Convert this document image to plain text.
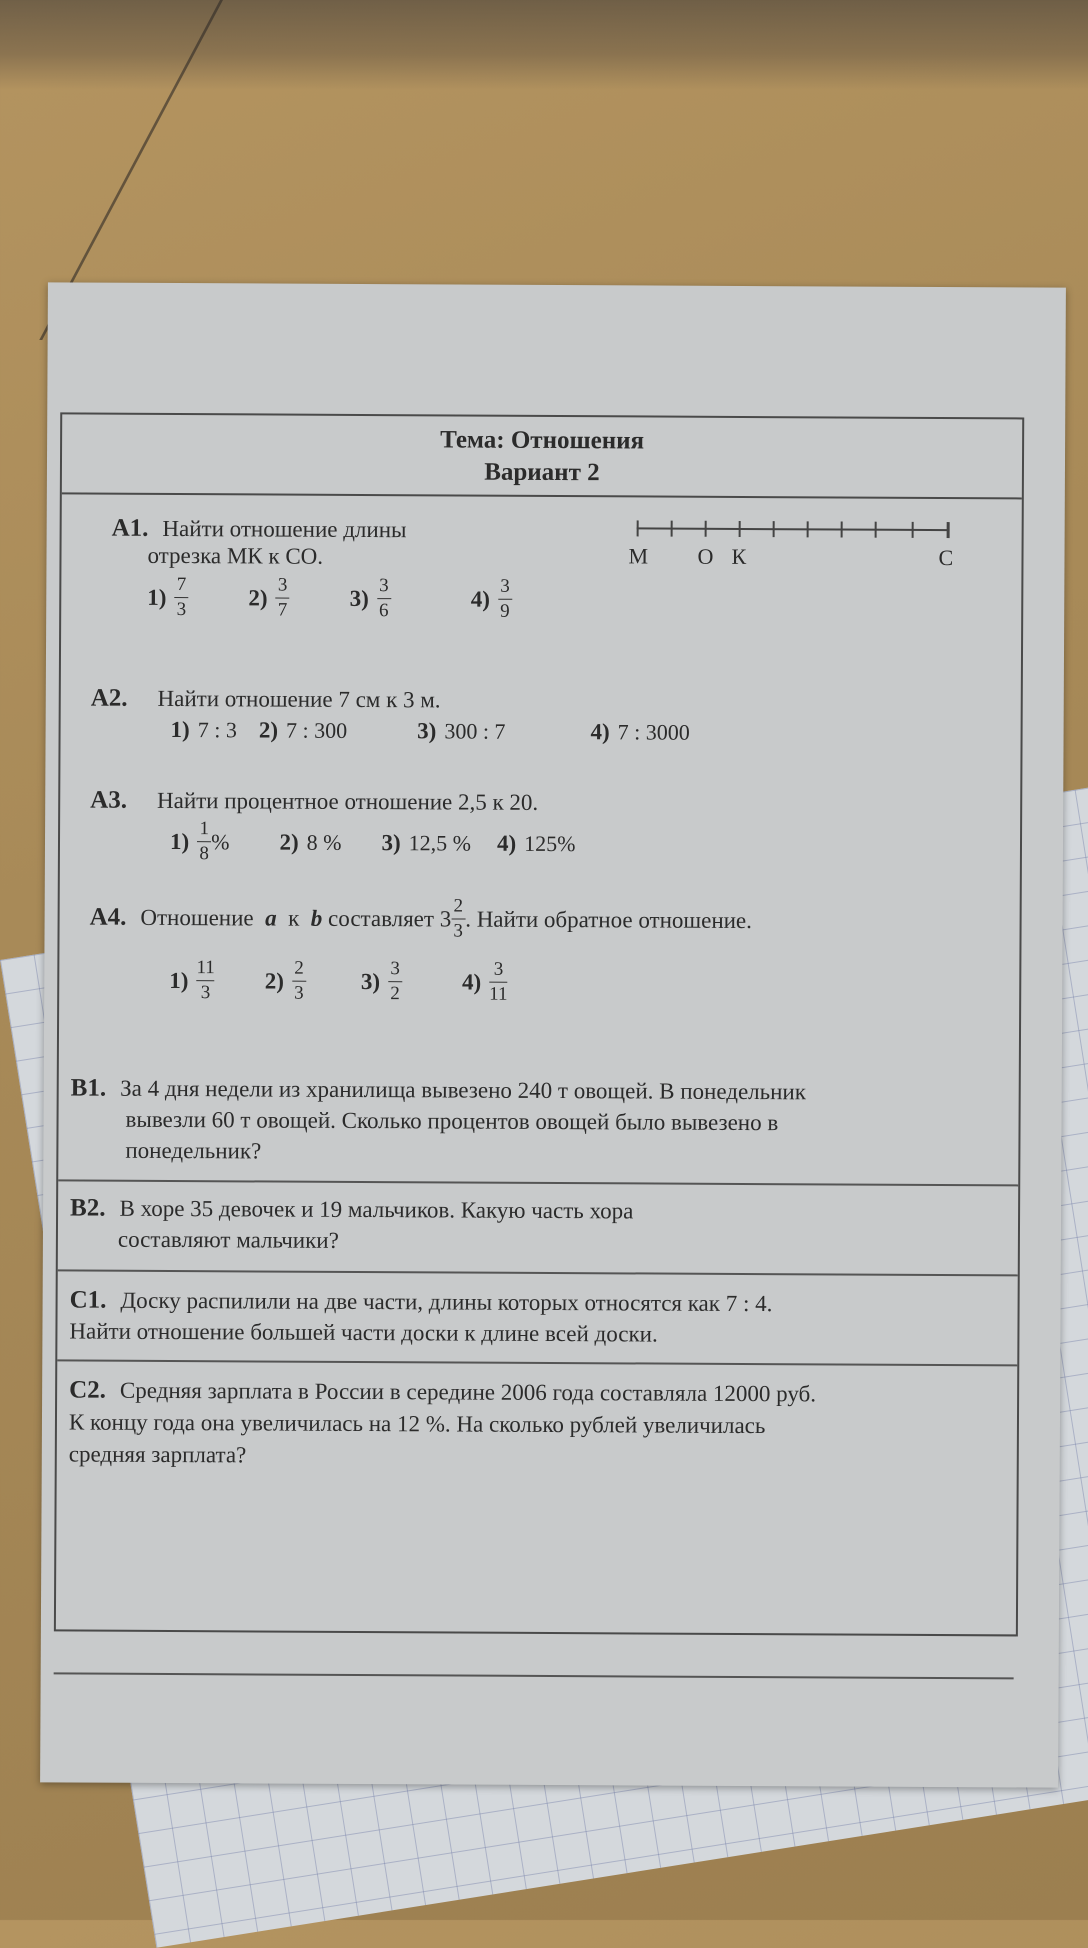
Тема: Отношения
Вариант 2
А1. Найти отношение длины
отрезка МК к СО.
$1) \frac{7}{3}$	$2) \frac{3}{7}$	$3) \frac{3}{6}$	$4) \frac{3}{9}$
М О К	С
А2. Найти отношение 7 см к 3 м.
1) 7 : 3 2) 7 : 300	3) 300 : 7	4) 7 : 3000
А3. Найти процентное отношение 2,5 к 20.
$1) \frac{1}{8}$ % 2) 8 % 3) 12,5 % 4) 125%
А4. Отношение
a
к
b
составляет
$3 \frac{2}{3}$ . Найти обратное отношение.
$1) \frac{11}{3} 2) \frac{2}{3} 3) \frac{3}{2}$	$4) \frac{3}{11}$
В1. За 4 дня недели из хранилища вывезено 240 т овощей. В понедельник
вывезли 60 т овощей. Сколько процентов овощей было вывезено в
понедельник?
В2. В хоре 35 девочек и 19 мальчиков. Какую часть хора
составляют мальчики?
С1. Доску распилили на две части, длины которых относятся как 7 : 4.
Найти отношение большей части доски к длине всей доски.
С2. Средняя зарплата в России в середине 2006 года составляла 12000 руб.
К концу года она увеличилась на 12 %. На сколько рублей увеличилась
средняя зарплата?
